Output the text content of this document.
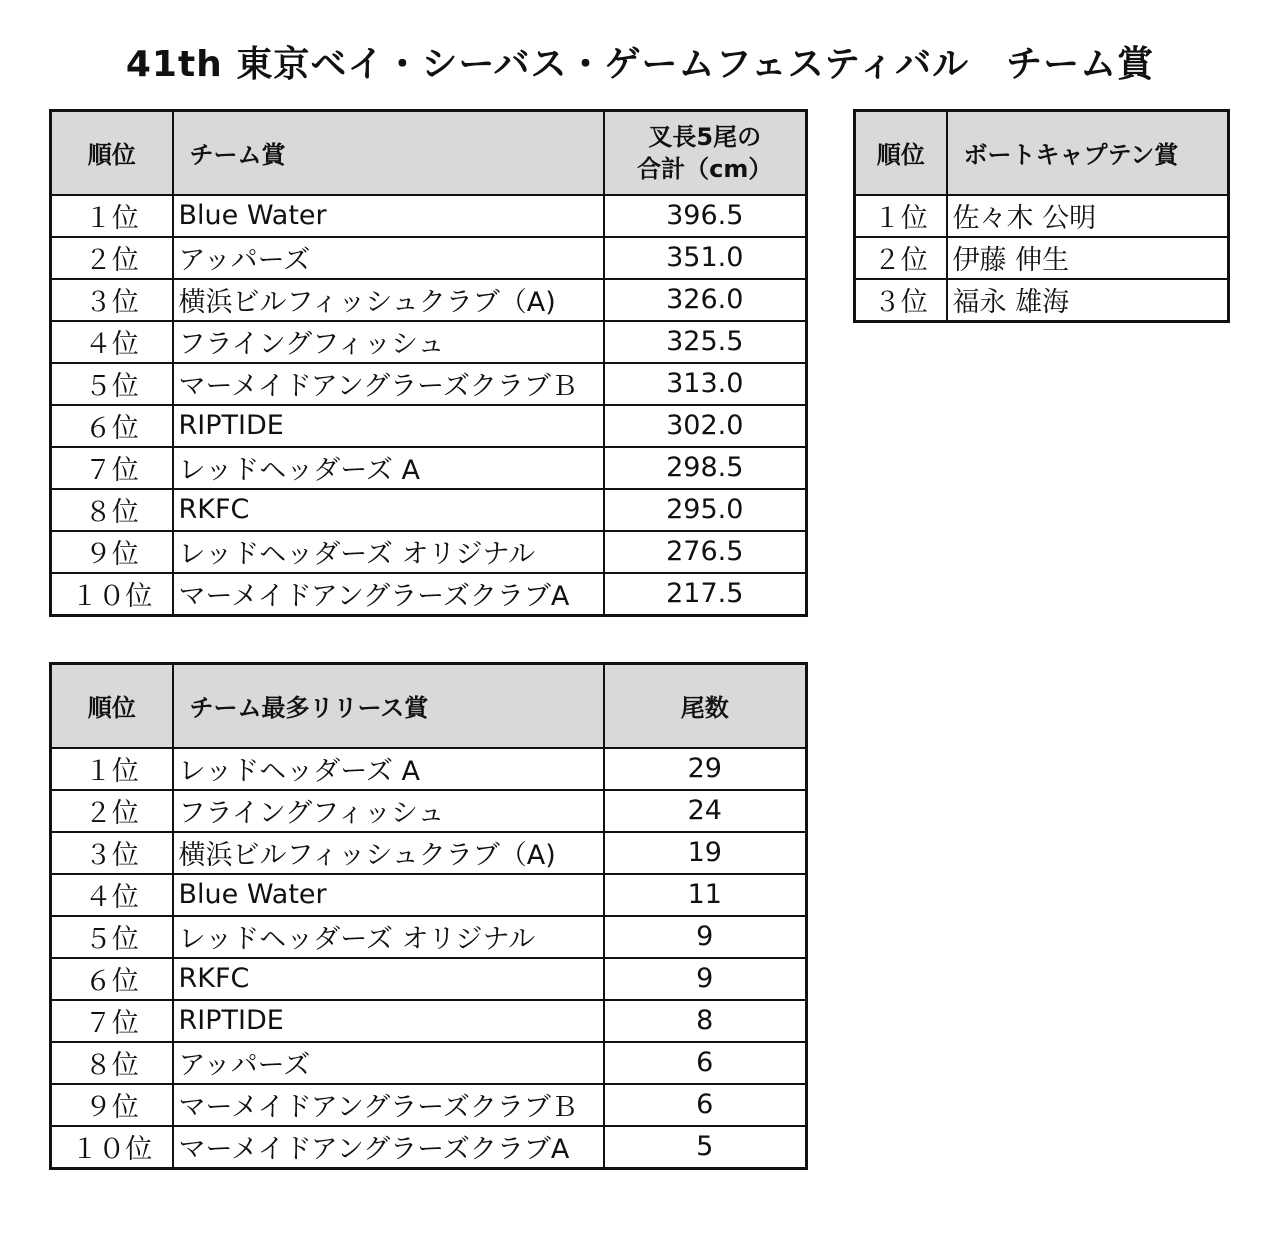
41th 東京ベイ・シーバス・ゲームフェスティバル　チーム賞
順位	チーム賞	叉長5尾の
合計（cm）

１位	Blue Water	396.5
２位	アッパーズ	351.0
３位	横浜ビルフィッシュクラブ（A)	326.0
４位	フライングフィッシュ	325.5
５位	マーメイドアングラーズクラブＢ	313.0
６位	RIPTIDE	302.0
７位	レッドヘッダーズ A	298.5
８位	RKFC	295.0
９位	レッドヘッダーズ オリジナル	276.5
１０位	マーメイドアングラーズクラブA	217.5
順位	チーム最多リリース賞	尾数
１位	レッドヘッダーズ A	29
２位	フライングフィッシュ	24
３位	横浜ビルフィッシュクラブ（A)	19
４位	Blue Water	11
５位	レッドヘッダーズ オリジナル	9
６位	RKFC	9
７位	RIPTIDE	8
８位	アッパーズ	6
９位	マーメイドアングラーズクラブＢ	6
１０位	マーメイドアングラーズクラブA	5
順位	ボートキャプテン賞
１位	佐々木 公明
２位	伊藤 伸生
３位	福永 雄海
